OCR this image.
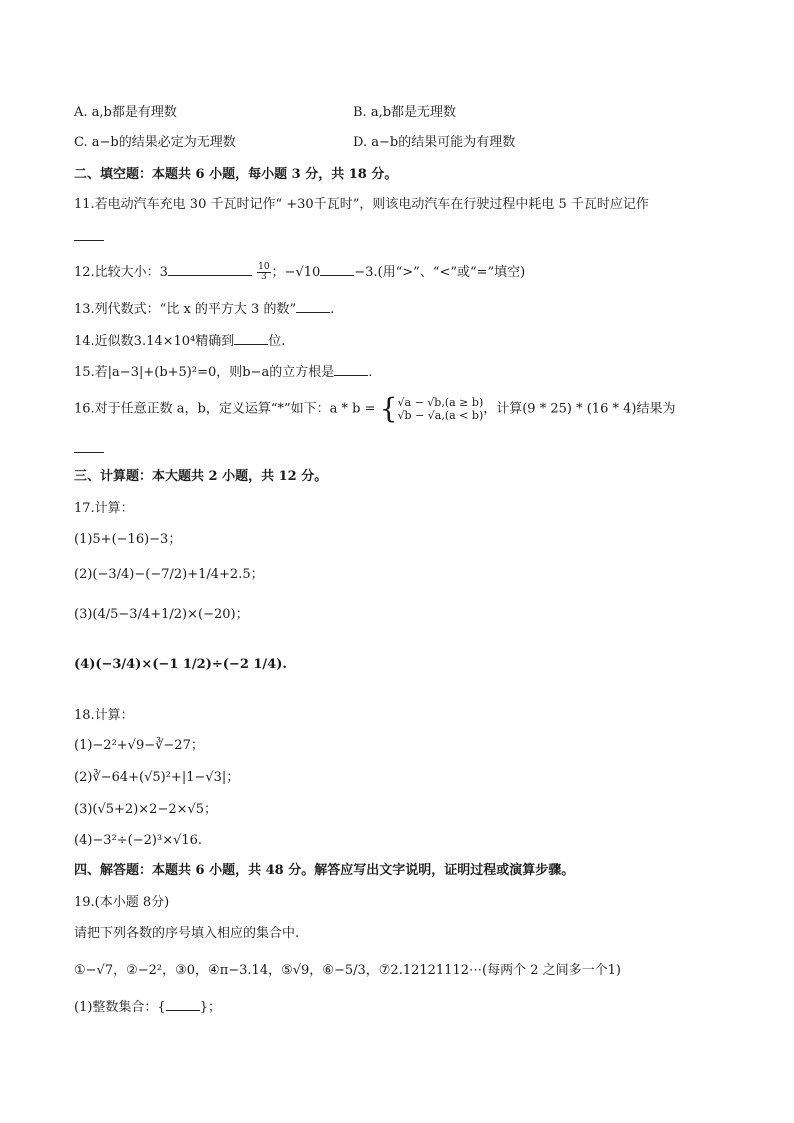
A. a,b都是有理数	B. a,b都是无理数
C. a−b的结果必定为无理数	D. a−b的结果可能为有理数
二、填空题：本题共 6 小题，每小题 3 分，共 18 分。
11.若电动汽车充电 30 千瓦时记作“ +30千瓦时”，则该电动汽车在行驶过程中耗电 5 千瓦时应记作
12.比较大小：3	$\frac{10}{3}$ ；−√10	−3.(用“>”、“<”或“=”填空)
13.列代数式：“比 x 的平方大 3 的数”	.
14.近似数3.14×10⁴精确到	位.
15.若|a−3|+(b+5)²=0，则b−a的立方根是	.
16.对于任意正数 a，b，定义运算“*”如下：a * b = { √a − √b,(a ≥ b)
√b − √a,(a < b) ，计算(9 * 25) * (16 * 4)结果为
三、计算题：本大题共 2 小题，共 12 分。
17.计算：
(1)5+(−16)−3；
(2)(−3/4)−(−7/2)+1/4+2.5；
(3)(4/5−3/4+1/2)×(−20)；
(4)(−3/4)×(−1 1/2)÷(−2 1/4).
18.计算：
(1)−2²+√9−∛−27；
(2)∛−64+(√5)²+|1−√3|；
(3)(√5+2)×2−2×√5；
(4)−3²÷(−2)³×√16.
四、解答题：本题共 6 小题，共 48 分。解答应写出文字说明，证明过程或演算步骤。
19.(本小题 8分)
请把下列各数的序号填入相应的集合中.
①−√7，②−2²，③0，④π−3.14，⑤√9，⑥−5/3，⑦2.12121112⋯(每两个 2 之间多一个1)
(1)整数集合：{	}；
